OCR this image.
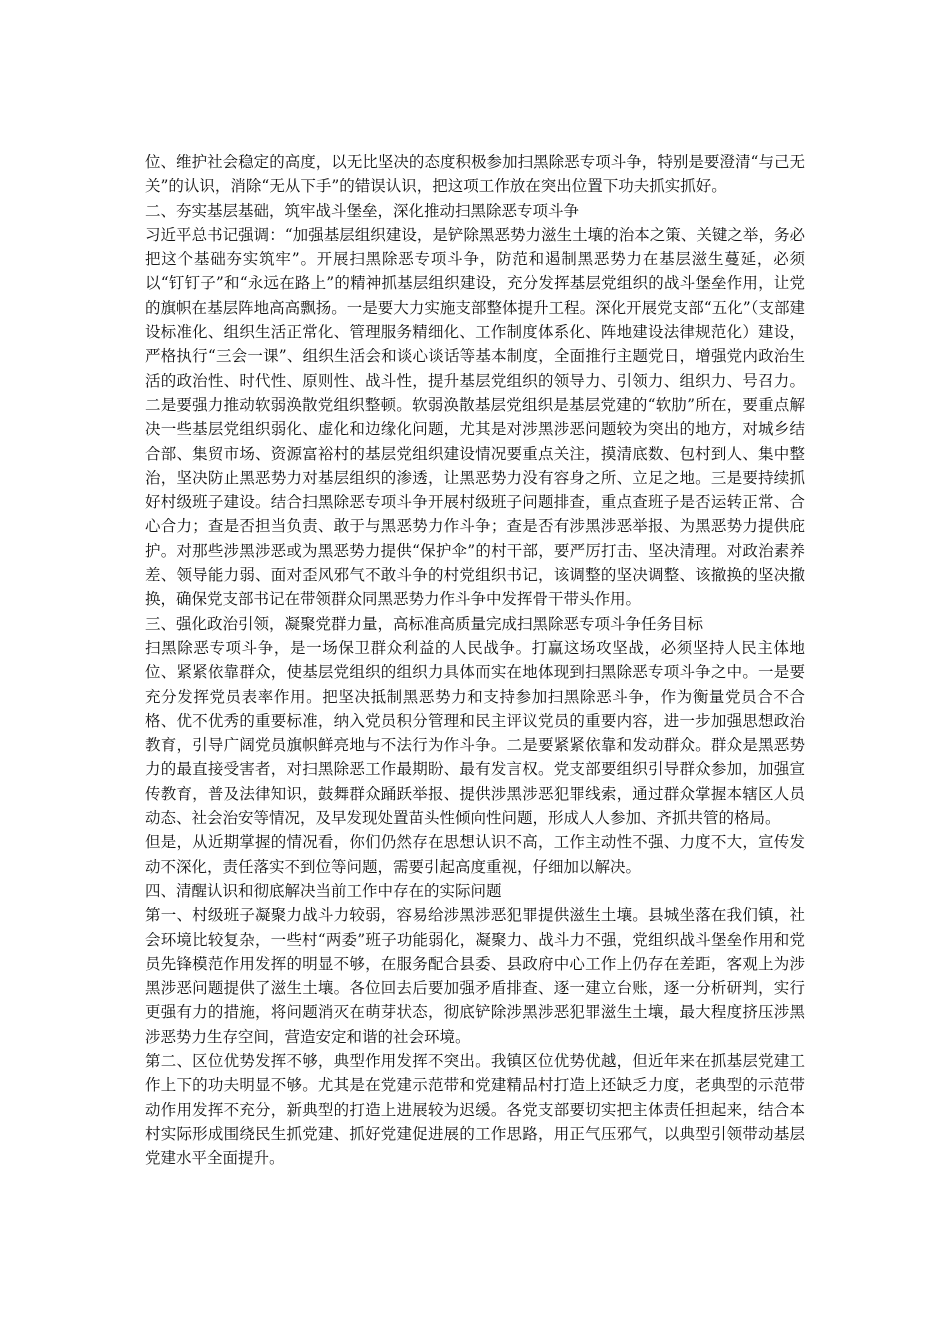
位、维护社会稳定的高度，以无比坚决的态度积极参加扫黑除恶专项斗争，特别是要澄清“与己无关”的认识，消除“无从下手”的错误认识，把这项工作放在突出位置下功夫抓实抓好。

二、夯实基层基础，筑牢战斗堡垒，深化推动扫黑除恶专项斗争

习近平总书记强调：“加强基层组织建设，是铲除黑恶势力滋生土壤的治本之策、关键之举，务必把这个基础夯实筑牢”。开展扫黑除恶专项斗争，防范和遏制黑恶势力在基层滋生蔓延，必须以“钉钉子”和“永远在路上”的精神抓基层组织建设，充分发挥基层党组织的战斗堡垒作用，让党的旗帜在基层阵地高高飘扬。一是要大力实施支部整体提升工程。深化开展党支部“五化”（支部建设标准化、组织生活正常化、管理服务精细化、工作制度体系化、阵地建设法律规范化）建设，严格执行“三会一课”、组织生活会和谈心谈话等基本制度，全面推行主题党日，增强党内政治生活的政治性、时代性、原则性、战斗性，提升基层党组织的领导力、引领力、组织力、号召力。二是要强力推动软弱涣散党组织整顿。软弱涣散基层党组织是基层党建的“软肋”所在，要重点解决一些基层党组织弱化、虚化和边缘化问题，尤其是对涉黑涉恶问题较为突出的地方，对城乡结合部、集贸市场、资源富裕村的基层党组织建设情况要重点关注，摸清底数、包村到人、集中整治，坚决防止黑恶势力对基层组织的渗透，让黑恶势力没有容身之所、立足之地。三是要持续抓好村级班子建设。结合扫黑除恶专项斗争开展村级班子问题排查，重点查班子是否运转正常、合心合力；查是否担当负责、敢于与黑恶势力作斗争；查是否有涉黑涉恶举报、为黑恶势力提供庇护。对那些涉黑涉恶或为黑恶势力提供“保护伞”的村干部，要严厉打击、坚决清理。对政治素养差、领导能力弱、面对歪风邪气不敢斗争的村党组织书记，该调整的坚决调整、该撤换的坚决撤换，确保党支部书记在带领群众同黑恶势力作斗争中发挥骨干带头作用。

三、强化政治引领，凝聚党群力量，高标准高质量完成扫黑除恶专项斗争任务目标

扫黑除恶专项斗争，是一场保卫群众利益的人民战争。打赢这场攻坚战，必须坚持人民主体地位、紧紧依靠群众，使基层党组织的组织力具体而实在地体现到扫黑除恶专项斗争之中。一是要充分发挥党员表率作用。把坚决抵制黑恶势力和支持参加扫黑除恶斗争，作为衡量党员合不合格、优不优秀的重要标准，纳入党员积分管理和民主评议党员的重要内容，进一步加强思想政治教育，引导广阔党员旗帜鲜亮地与不法行为作斗争。二是要紧紧依靠和发动群众。群众是黑恶势力的最直接受害者，对扫黑除恶工作最期盼、最有发言权。党支部要组织引导群众参加，加强宣传教育，普及法律知识，鼓舞群众踊跃举报、提供涉黑涉恶犯罪线索，通过群众掌握本辖区人员动态、社会治安等情况，及早发现处置苗头性倾向性问题，形成人人参加、齐抓共管的格局。

但是，从近期掌握的情况看，你们仍然存在思想认识不高，工作主动性不强、力度不大，宣传发动不深化，责任落实不到位等问题，需要引起高度重视，仔细加以解决。

四、清醒认识和彻底解决当前工作中存在的实际问题

第一、村级班子凝聚力战斗力较弱，容易给涉黑涉恶犯罪提供滋生土壤。县城坐落在我们镇，社会环境比较复杂，一些村“两委”班子功能弱化，凝聚力、战斗力不强，党组织战斗堡垒作用和党员先锋模范作用发挥的明显不够，在服务配合县委、县政府中心工作上仍存在差距，客观上为涉黑涉恶问题提供了滋生土壤。各位回去后要加强矛盾排查、逐一建立台账，逐一分析研判，实行更强有力的措施，将问题消灭在萌芽状态，彻底铲除涉黑涉恶犯罪滋生土壤，最大程度挤压涉黑涉恶势力生存空间，营造安定和谐的社会环境。

第二、区位优势发挥不够，典型作用发挥不突出。我镇区位优势优越，但近年来在抓基层党建工作上下的功夫明显不够。尤其是在党建示范带和党建精品村打造上还缺乏力度，老典型的示范带动作用发挥不充分，新典型的打造上进展较为迟缓。各党支部要切实把主体责任担起来，结合本村实际形成围绕民生抓党建、抓好党建促进展的工作思路，用正气压邪气，以典型引领带动基层党建水平全面提升。
